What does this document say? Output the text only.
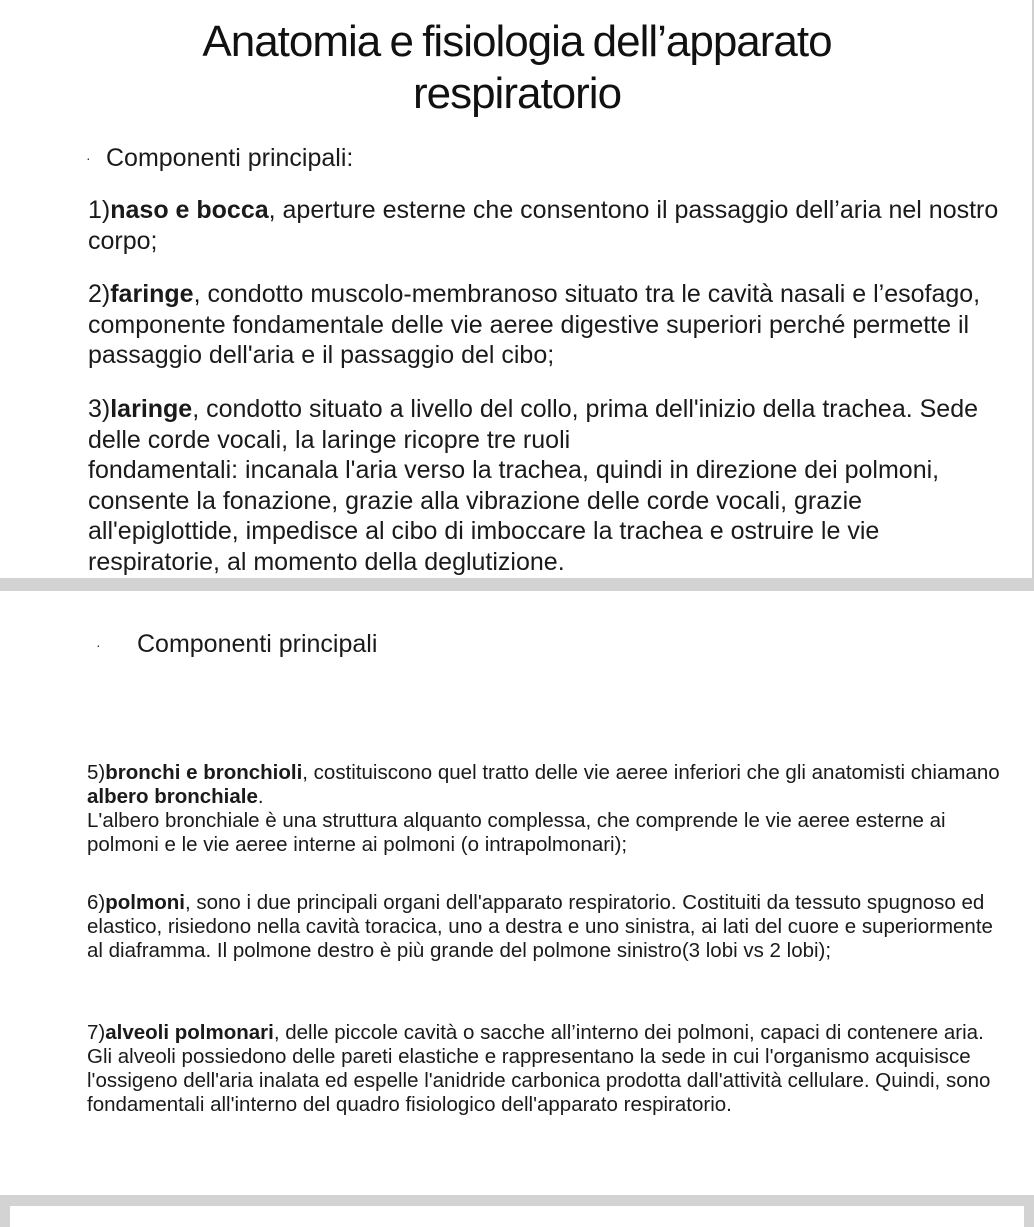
Anatomia e fisiologia dell’apparato
respiratorio
· Componenti principali:

1)naso e bocca, aperture esterne che consentono il passaggio dell’aria nel nostro corpo;

2)faringe, condotto muscolo-membranoso situato tra le cavità nasali e l’esofago, componente fondamentale delle vie aeree digestive superiori perché permette il passaggio dell'aria e il passaggio del cibo;

3)laringe, condotto situato a livello del collo, prima dell'inizio della trachea. Sede delle corde vocali, la laringe ricopre tre ruoli
fondamentali: incanala l'aria verso la trachea, quindi in direzione dei polmoni, consente la fonazione, grazie alla vibrazione delle corde vocali, grazie all'epiglottide, impedisce al cibo di imboccare la trachea e ostruire le vie respiratorie, al momento della deglutizione.

· Componenti principali

5)bronchi e bronchioli, costituiscono quel tratto delle vie aeree inferiori che gli anatomisti chiamano albero bronchiale.
L'albero bronchiale è una struttura alquanto complessa, che comprende le vie aeree esterne ai polmoni e le vie aeree interne ai polmoni (o intrapolmonari);

6)polmoni, sono i due principali organi dell'apparato respiratorio. Costituiti da tessuto spugnoso ed elastico, risiedono nella cavità toracica, uno a destra e uno sinistra, ai lati del cuore e superiormente al diaframma. Il polmone destro è più grande del polmone sinistro(3 lobi vs 2 lobi);

7)alveoli polmonari, delle piccole cavità o sacche all’interno dei polmoni, capaci di contenere aria. Gli alveoli possiedono delle pareti elastiche e rappresentano la sede in cui l'organismo acquisisce l'ossigeno dell'aria inalata ed espelle l'anidride carbonica prodotta dall'attività cellulare. Quindi, sono fondamentali all'interno del quadro fisiologico dell'apparato respiratorio.
